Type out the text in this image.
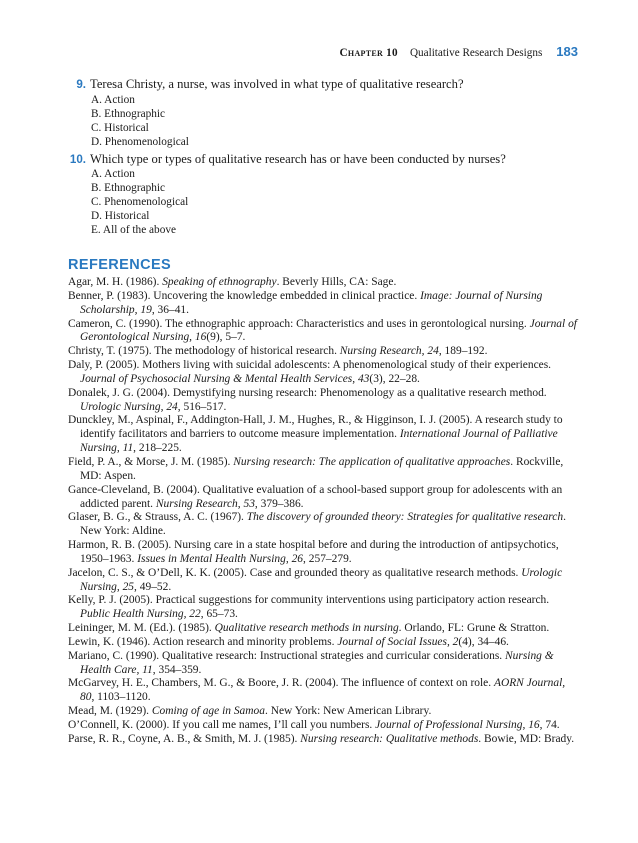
Chapter 10 Qualitative Research Designs 183
9. Teresa Christy, a nurse, was involved in what type of qualitative research?
A. Action
B. Ethnographic
C. Historical
D. Phenomenological
10. Which type or types of qualitative research has or have been conducted by nurses?
A. Action
B. Ethnographic
C. Phenomenological
D. Historical
E. All of the above
REFERENCES
Agar, M. H. (1986). Speaking of ethnography. Beverly Hills, CA: Sage.
Benner, P. (1983). Uncovering the knowledge embedded in clinical practice. Image: Journal of Nursing Scholarship, 19, 36–41.
Cameron, C. (1990). The ethnographic approach: Characteristics and uses in gerontological nursing. Journal of Gerontological Nursing, 16(9), 5–7.
Christy, T. (1975). The methodology of historical research. Nursing Research, 24, 189–192.
Daly, P. (2005). Mothers living with suicidal adolescents: A phenomenological study of their experiences. Journal of Psychosocial Nursing & Mental Health Services, 43(3), 22–28.
Donalek, J. G. (2004). Demystifying nursing research: Phenomenology as a qualitative research method. Urologic Nursing, 24, 516–517.
Dunckley, M., Aspinal, F., Addington-Hall, J. M., Hughes, R., & Higginson, I. J. (2005). A research study to identify facilitators and barriers to outcome measure implementation. International Journal of Palliative Nursing, 11, 218–225.
Field, P. A., & Morse, J. M. (1985). Nursing research: The application of qualitative approaches. Rockville, MD: Aspen.
Gance-Cleveland, B. (2004). Qualitative evaluation of a school-based support group for adolescents with an addicted parent. Nursing Research, 53, 379–386.
Glaser, B. G., & Strauss, A. C. (1967). The discovery of grounded theory: Strategies for qualitative research. New York: Aldine.
Harmon, R. B. (2005). Nursing care in a state hospital before and during the introduction of antipsychotics, 1950–1963. Issues in Mental Health Nursing, 26, 257–279.
Jacelon, C. S., & O’Dell, K. K. (2005). Case and grounded theory as qualitative research methods. Urologic Nursing, 25, 49–52.
Kelly, P. J. (2005). Practical suggestions for community interventions using participatory action research. Public Health Nursing, 22, 65–73.
Leininger, M. M. (Ed.). (1985). Qualitative research methods in nursing. Orlando, FL: Grune & Stratton.
Lewin, K. (1946). Action research and minority problems. Journal of Social Issues, 2(4), 34–46.
Mariano, C. (1990). Qualitative research: Instructional strategies and curricular considerations. Nursing & Health Care, 11, 354–359.
McGarvey, H. E., Chambers, M. G., & Boore, J. R. (2004). The influence of context on role. AORN Journal, 80, 1103–1120.
Mead, M. (1929). Coming of age in Samoa. New York: New American Library.
O’Connell, K. (2000). If you call me names, I’ll call you numbers. Journal of Professional Nursing, 16, 74.
Parse, R. R., Coyne, A. B., & Smith, M. J. (1985). Nursing research: Qualitative methods. Bowie, MD: Brady.
